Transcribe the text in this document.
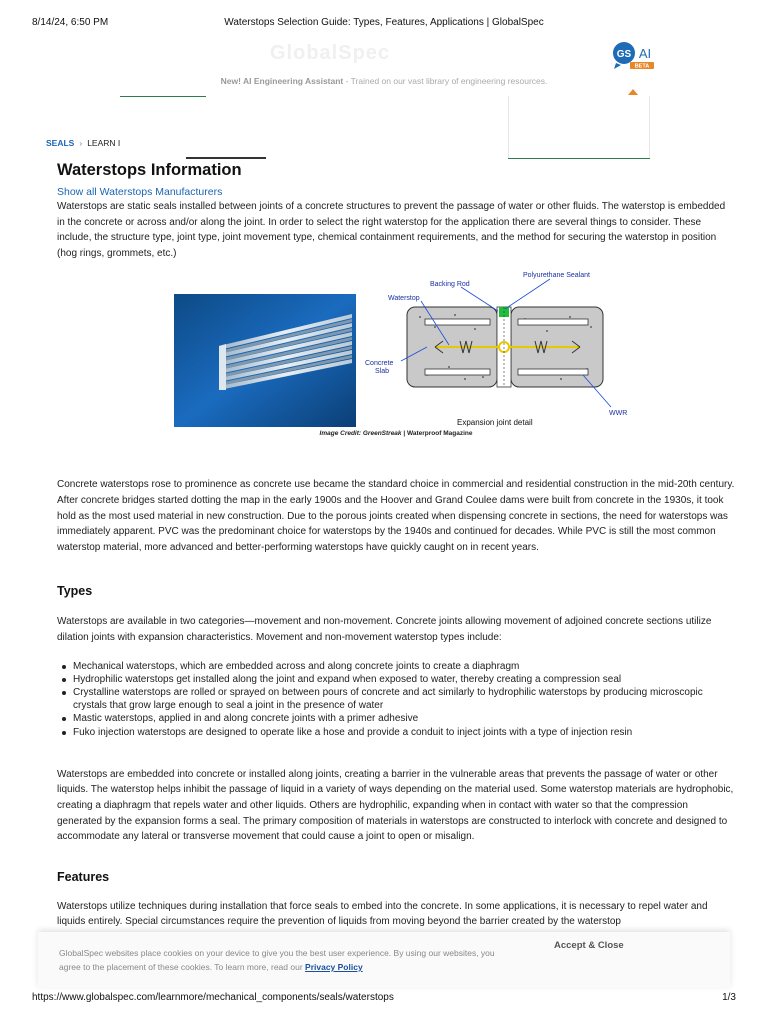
8/14/24, 6:50 PM	Waterstops Selection Guide: Types, Features, Applications | GlobalSpec
GlobalSpec	GS AI
BETA
New! AI Engineering Assistant - Trained on our vast library of engineering resources.
SEALS › LEARN I
Waterstops Information
Show all Waterstops Manufacturers

Waterstops are static seals installed between joints of a concrete structures to prevent the passage of water or other fluids. The waterstop is embedded in the concrete or across and/or along the joint. In order to select the right waterstop for the application there are several things to consider. These include, the structure type, joint type, joint movement type, chemical containment requirements, and the method for securing the waterstop in position (hog rings, grommets, etc.)

Polyurethane Sealant
Backing Rod
Waterstop
Concrete
Slab
WWR
Expansion joint detail
Image Credit: GreenStreak | Waterproof Magazine

Concrete waterstops rose to prominence as concrete use became the standard choice in commercial and residential construction in the mid-20th century. After concrete bridges started dotting the map in the early 1900s and the Hoover and Grand Coulee dams were built from concrete in the 1930s, it took hold as the most used material in new construction. Due to the porous joints created when dispensing concrete in sections, the need for waterstops was immediately apparent. PVC was the predominant choice for waterstops by the 1940s and continued for decades. While PVC is still the most common waterstop material, more advanced and better-performing waterstops have quickly caught on in recent years.

Types

Waterstops are available in two categories—movement and non-movement. Concrete joints allowing movement of adjoined concrete sections utilize dilation joints with expansion characteristics. Movement and non-movement waterstop types include:

Mechanical waterstops, which are embedded across and along concrete joints to create a diaphragm
Hydrophilic waterstops get installed along the joint and expand when exposed to water, thereby creating a compression seal
Crystalline waterstops are rolled or sprayed on between pours of concrete and act similarly to hydrophilic waterstops by producing microscopic crystals that grow large enough to seal a joint in the presence of water
Mastic waterstops, applied in and along concrete joints with a primer adhesive
Fuko injection waterstops are designed to operate like a hose and provide a conduit to inject joints with a type of injection resin

Waterstops are embedded into concrete or installed along joints, creating a barrier in the vulnerable areas that prevents the passage of water or other liquids. The waterstop helps inhibit the passage of liquid in a variety of ways depending on the material used. Some waterstop materials are hydrophobic, creating a diaphragm that repels water and other liquids. Others are hydrophilic, expanding when in contact with water so that the compression generated by the expansion forms a seal. The primary composition of materials in waterstops are constructed to interlock with concrete and designed to accommodate any lateral or transverse movement that could cause a joint to open or misalign.

Features

Waterstops utilize techniques during installation that force seals to embed into the concrete. In some applications, it is necessary to repel water and liquids entirely. Special circumstances require the prevention of liquids from moving beyond the barrier created by the waterstop

GlobalSpec websites place cookies on your device to give you the best user experience. By using our websites, you agree to the placement of these cookies. To learn more, read our Privacy Policy
Accept & Close
https://www.globalspec.com/learnmore/mechanical_components/seals/waterstops	1/3
